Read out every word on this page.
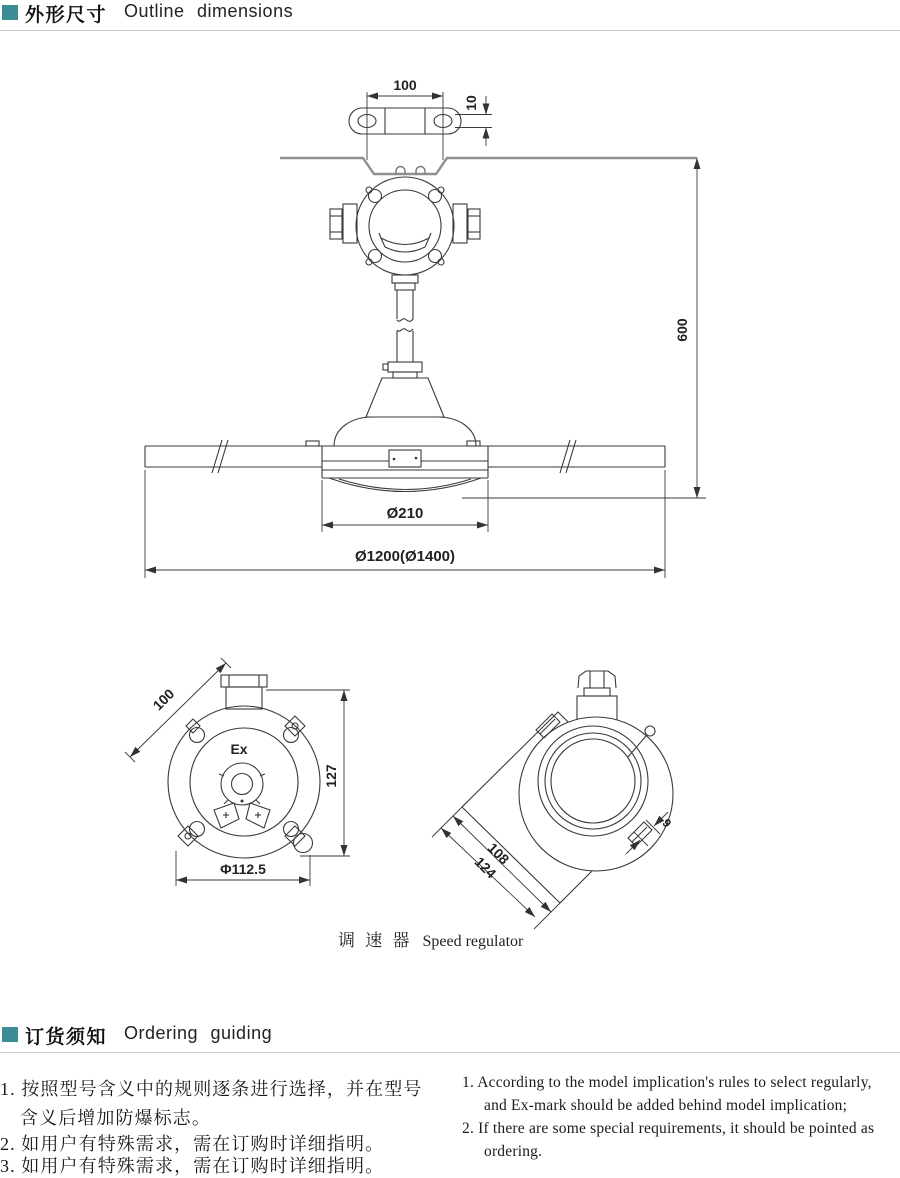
外形尺寸 Outline dimensions
100
10
600
Ø210
Ø1200(Ø1400)
Ex
100
127
Φ112.5
108
124
9
调 速 器 Speed regulator
订货须知 Ordering guiding
1. 按照型号含义中的规则逐条进行选择，并在型号
含义后增加防爆标志。
2. 如用户有特殊需求，需在订购时详细指明。
3. 如用户有特殊需求，需在订购时详细指明。
1. According to the model implication's rules to select regularly,
and Ex-mark should be added behind model implication;
2. If there are some special requirements, it should be pointed as
ordering.
